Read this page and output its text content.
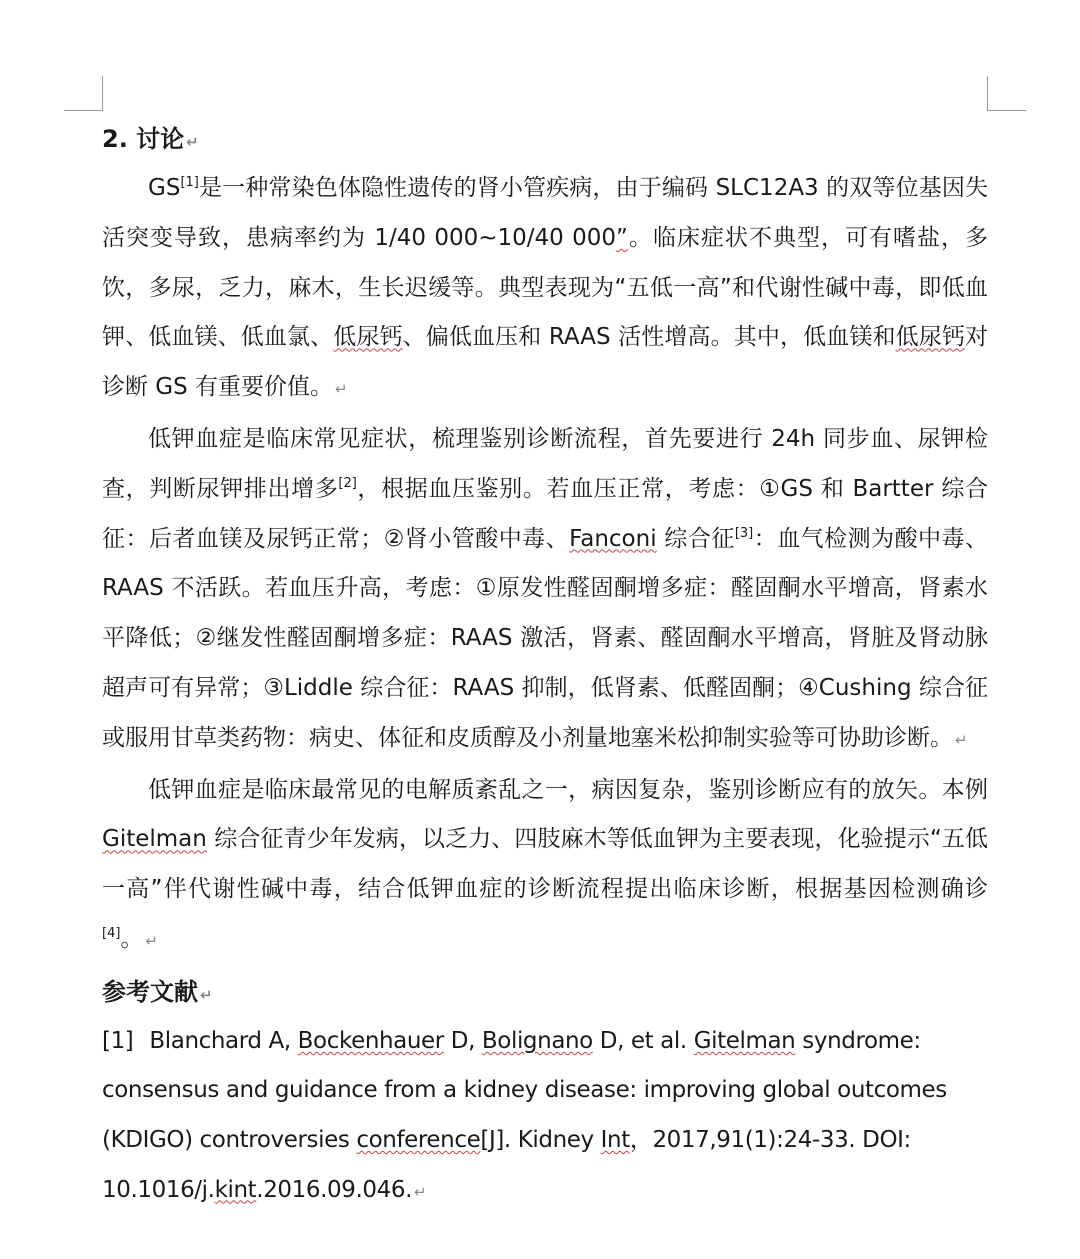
2. 讨论 ↵
GS[1]是一种常染色体隐性遗传的肾小管疾病，由于编码 SLC12A3 的双等位基因失活突变导致，患病率约为 1/40 000~10/40 000”。临床症状不典型，可有嗜盐，多饮，多尿，乏力，麻木，生长迟缓等。典型表现为“五低一高”和代谢性碱中毒，即低血钾、低血镁、低血氯、低尿钙、偏低血压和 RAAS 活性增高。其中，低血镁和低尿钙对诊断 GS 有重要价值。 ↵
低钾血症是临床常见症状，梳理鉴别诊断流程，首先要进行 24h 同步血、尿钾检查，判断尿钾排出增多[2]，根据血压鉴别。若血压正常，考虑：①GS 和 Bartter 综合征：后者血镁及尿钙正常；②肾小管酸中毒、Fanconi 综合征[3]：血气检测为酸中毒、RAAS 不活跃。若血压升高，考虑：①原发性醛固酮增多症：醛固酮水平增高，肾素水平降低；②继发性醛固酮增多症：RAAS 激活，肾素、醛固酮水平增高，肾脏及肾动脉超声可有异常；③Liddle 综合征：RAAS 抑制，低肾素、低醛固酮；④Cushing 综合征或服用甘草类药物：病史、体征和皮质醇及小剂量地塞米松抑制实验等可协助诊断。 ↵
低钾血症是临床最常见的电解质紊乱之一，病因复杂，鉴别诊断应有的放矢。本例 Gitelman 综合征青少年发病，以乏力、四肢麻木等低血钾为主要表现，化验提示“五低一高”伴代谢性碱中毒，结合低钾血症的诊断流程提出临床诊断，根据基因检测确诊 [4]。 ↵
参考文献 ↵
[1] Blanchard A, Bockenhauer D, Bolignano D, et al. Gitelman syndrome:
consensus and guidance from a kidney disease: improving global outcomes
(KDIGO) controversies conference[J]. Kidney Int，2017,91(1):24-33. DOI:
10.1016/j.kint.2016.09.046. ↵
